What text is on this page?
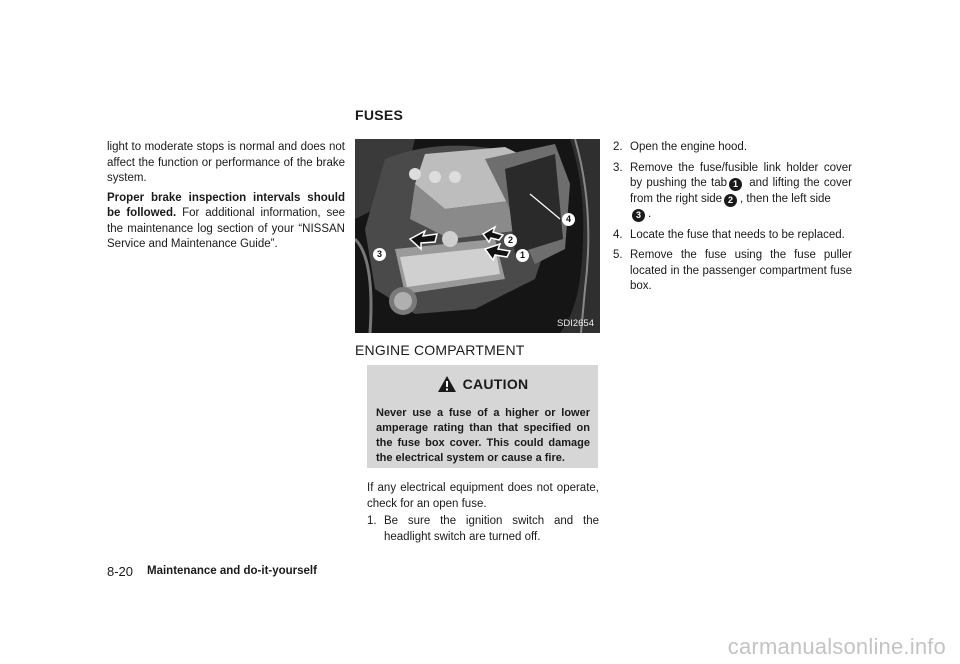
FUSES

light to moderate stops is normal and does not affect the function or performance of the brake system.

Proper brake inspection intervals should be followed. For additional information, see the maintenance log section of your “NISSAN Service and Maintenance Guide”.

1
2
3
4
SDI2654
ENGINE COMPARTMENT
CAUTION
Never use a fuse of a higher or lower amperage rating than that specified on the fuse box cover. This could damage the electrical system or cause a fire.

If any electrical equipment does not operate, check for an open fuse.

1. Be sure the ignition switch and the headlight switch are turned off.
2. Open the engine hood.
3. Remove the fuse/fusible link holder cover by pushing the tab 1 and lifting the cover from the right side 2 , then the left side
3 .
4. Locate the fuse that needs to be replaced.
5. Remove the fuse using the fuse puller located in the passenger compartment fuse box.
8-20 Maintenance and do-it-yourself
carmanualsonline.info
